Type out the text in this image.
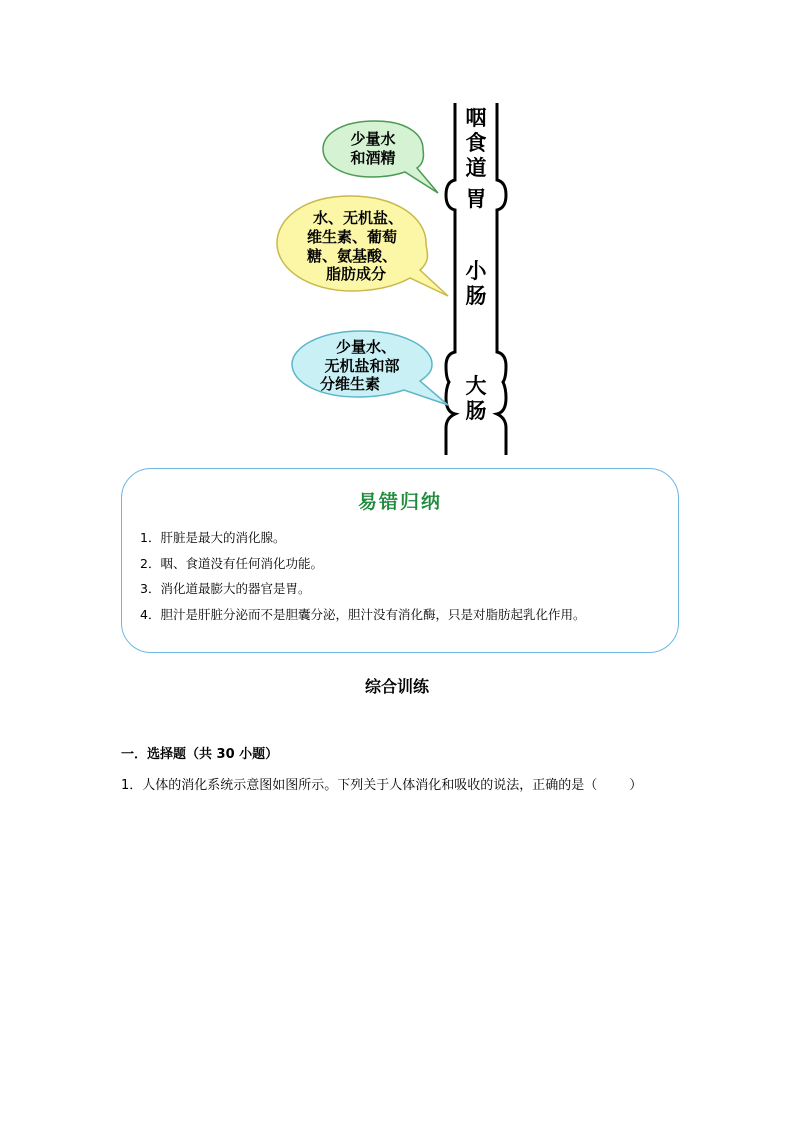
咽
食
道
胃
小
肠
大
肠
少量水
和酒精
水、无机盐、
维生素、葡萄
糖、氨基酸、
脂肪成分
少量水、
无机盐和部
分维生素
易错归纳
1．肝脏是最大的消化腺。
2．咽、食道没有任何消化功能。
3．消化道最膨大的器官是胃。
4．胆汁是肝脏分泌而不是胆囊分泌，胆汁没有消化酶，只是对脂肪起乳化作用。
综合训练
一．选择题（共 30 小题）
1．人体的消化系统示意图如图所示。下列关于人体消化和吸收的说法，正确的是（ ）
